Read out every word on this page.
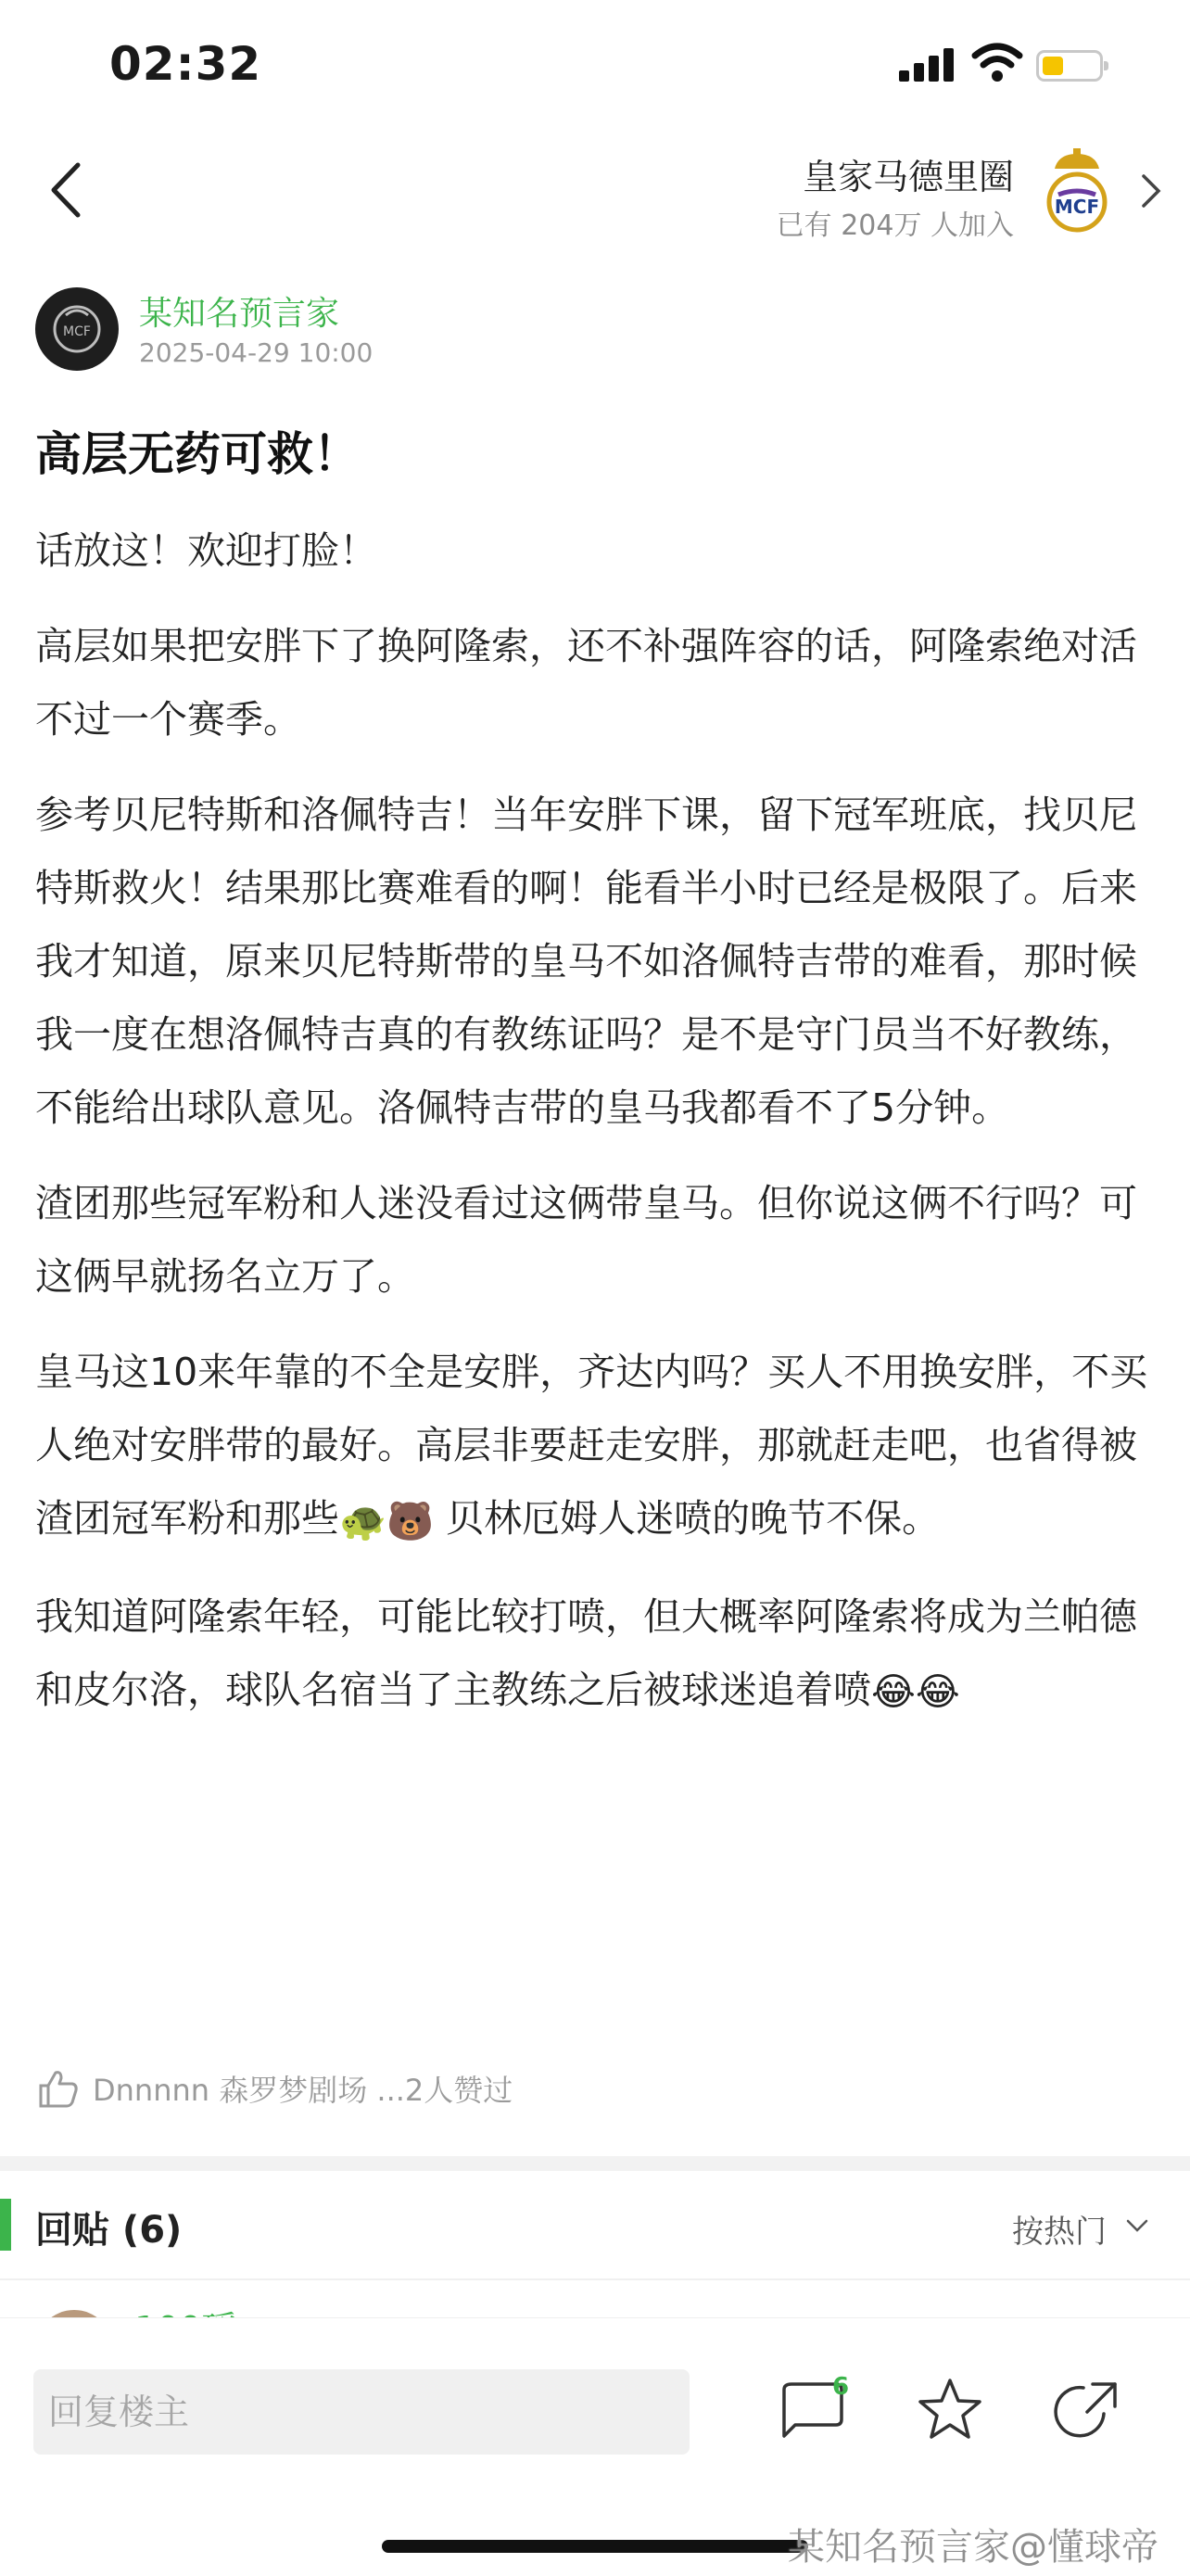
02:32
皇家马德里圈
已有 204万 人加入
MCF
MCF 某知名预言家
2025-04-29 10:00
高层无药可救！

话放这！欢迎打脸！

高层如果把安胖下了换阿隆索，还不补强阵容的话，阿隆索绝对活不过一个赛季。

参考贝尼特斯和洛佩特吉！当年安胖下课，留下冠军班底，找贝尼特斯救火！结果那比赛难看的啊！能看半小时已经是极限了。后来我才知道，原来贝尼特斯带的皇马不如洛佩特吉带的难看，那时候我一度在想洛佩特吉真的有教练证吗？是不是守门员当不好教练，不能给出球队意见。洛佩特吉带的皇马我都看不了5分钟。

渣团那些冠军粉和人迷没看过这俩带皇马。但你说这俩不行吗？可这俩早就扬名立万了。

皇马这10来年靠的不全是安胖，齐达内吗？买人不用换安胖，不买人绝对安胖带的最好。高层非要赶走安胖，那就赶走吧，也省得被渣团冠军粉和那些🐢🐻 贝林厄姆人迷喷的晚节不保。

我知道阿隆索年轻，可能比较打喷，但大概率阿隆索将成为兰帕德和皮尔洛，球队名宿当了主教练之后被球迷追着喷😂😂

Dnnnnn 森罗梦剧场 ...2人赞过
回贴 (6)	按热门
回复楼主
6
某知名预言家@懂球帝
